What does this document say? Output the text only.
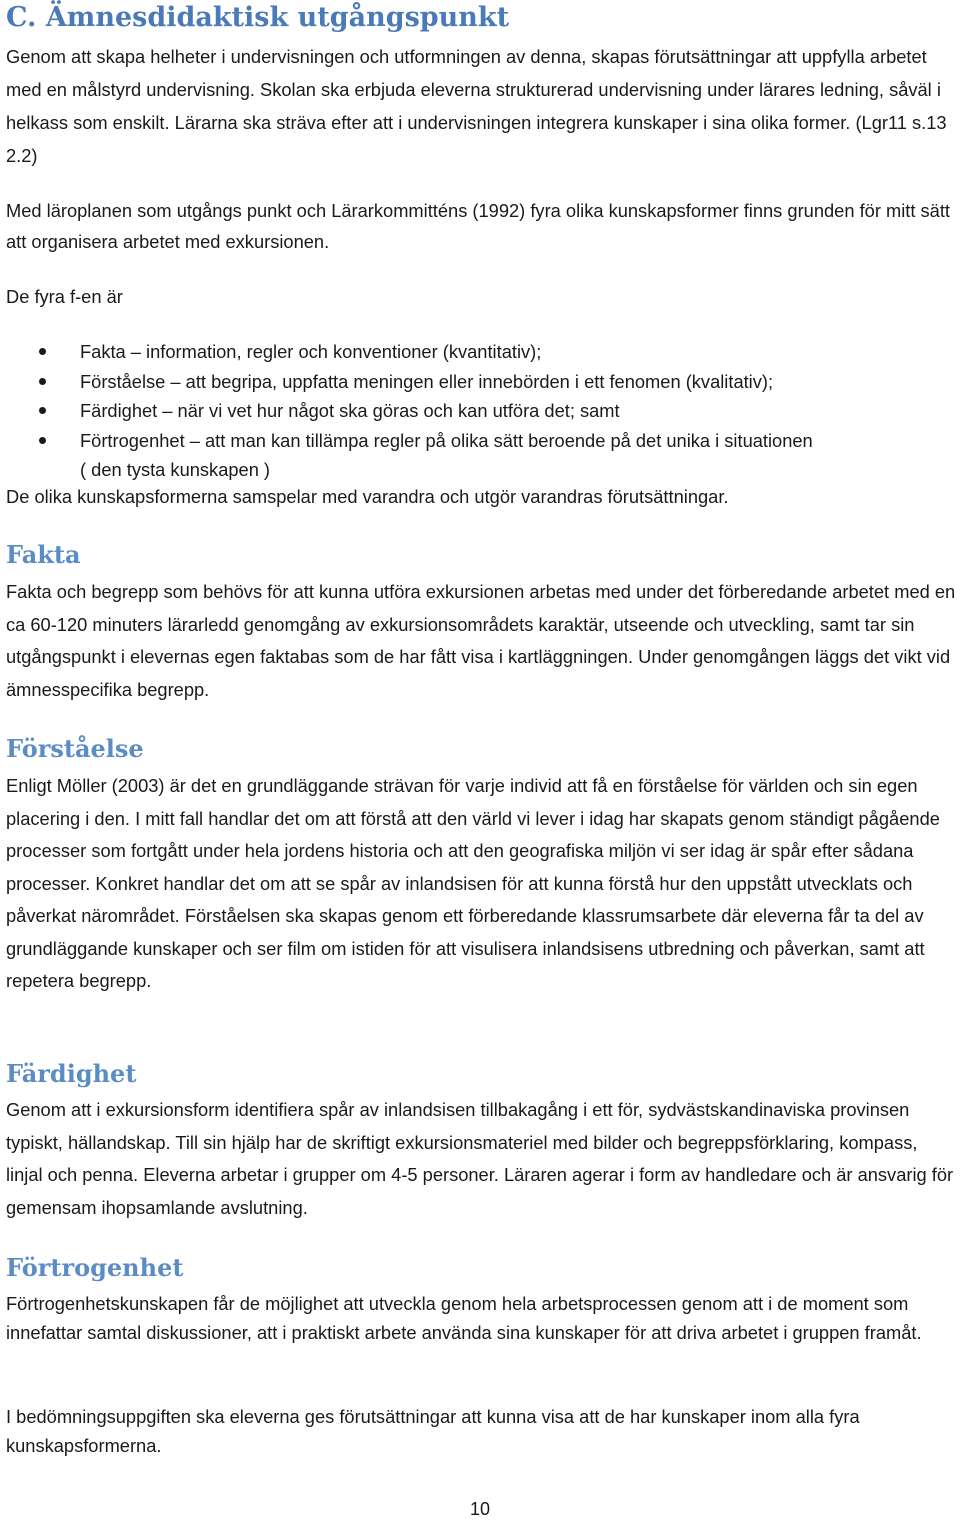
C. Ämnesdidaktisk utgångspunkt

Genom att skapa helheter i undervisningen och utformningen av denna, skapas förutsättningar att uppfylla arbetet med en målstyrd undervisning. Skolan ska erbjuda eleverna strukturerad undervisning under lärares ledning, såväl i helkass som enskilt. Lärarna ska sträva efter att i undervisningen integrera kunskaper i sina olika former. (Lgr11 s.13 2.2)

Med läroplanen som utgångs punkt och Lärarkommitténs (1992) fyra olika kunskapsformer finns grunden för mitt sätt att organisera arbetet med exkursionen.

De fyra f-en är

Fakta – information, regler och konventioner (kvantitativ);
Förståelse – att begripa, uppfatta meningen eller innebörden i ett fenomen (kvalitativ);
Färdighet – när vi vet hur något ska göras och kan utföra det; samt
Förtrogenhet – att man kan tillämpa regler på olika sätt beroende på det unika i situationen
( den tysta kunskapen )

De olika kunskapsformerna samspelar med varandra och utgör varandras förutsättningar.

Fakta

Fakta och begrepp som behövs för att kunna utföra exkursionen arbetas med under det förberedande arbetet med en ca 60-120 minuters lärarledd genomgång av exkursionsområdets karaktär, utseende och utveckling, samt tar sin utgångspunkt i elevernas egen faktabas som de har fått visa i kartläggningen. Under genomgången läggs det vikt vid ämnesspecifika begrepp.

Förståelse

Enligt Möller (2003) är det en grundläggande strävan för varje individ att få en förståelse för världen och sin egen placering i den. I mitt fall handlar det om att förstå att den värld vi lever i idag har skapats genom ständigt pågående processer som fortgått under hela jordens historia och att den geografiska miljön vi ser idag är spår efter sådana processer. Konkret handlar det om att se spår av inlandsisen för att kunna förstå hur den uppstått utvecklats och påverkat närområdet. Förståelsen ska skapas genom ett förberedande klassrumsarbete där eleverna får ta del av grundläggande kunskaper och ser film om istiden för att visulisera inlandsisens utbredning och påverkan, samt att repetera begrepp.

Färdighet

Genom att i exkursionsform identifiera spår av inlandsisen tillbakagång i ett för, sydvästskandinaviska provinsen typiskt, hällandskap. Till sin hjälp har de skriftigt exkursionsmateriel med bilder och begreppsförklaring, kompass, linjal och penna. Eleverna arbetar i grupper om 4-5 personer. Läraren agerar i form av handledare och är ansvarig för gemensam ihopsamlande avslutning.

Förtrogenhet

Förtrogenhetskunskapen får de möjlighet att utveckla genom hela arbetsprocessen genom att i de moment som innefattar samtal diskussioner, att i praktiskt arbete använda sina kunskaper för att driva arbetet i gruppen framåt.

I bedömningsuppgiften ska eleverna ges förutsättningar att kunna visa att de har kunskaper inom alla fyra kunskapsformerna.

10
